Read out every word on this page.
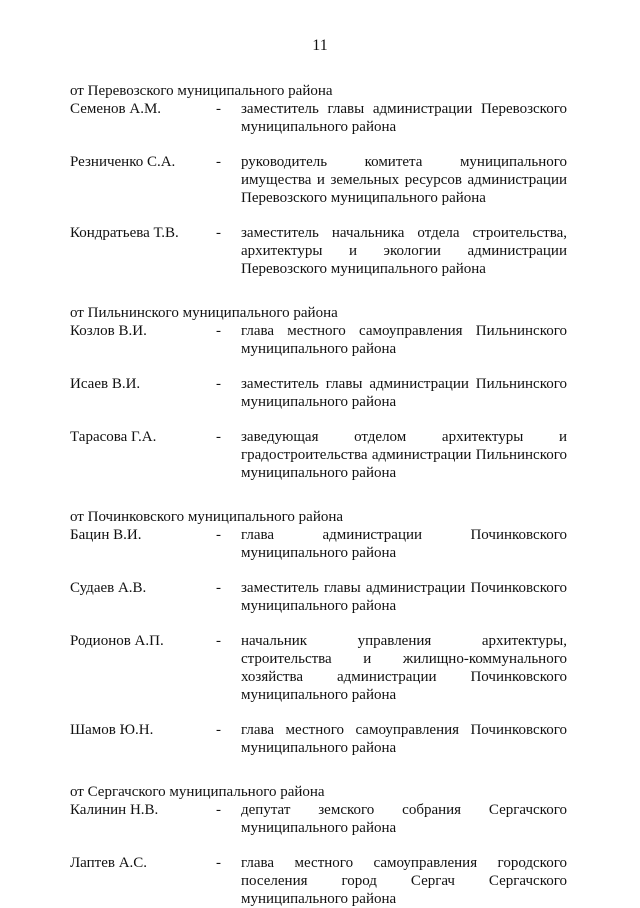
11
от Перевозского муниципального района
Семенов А.М.	-	заместитель главы администрации Перевозского муниципального района
Резниченко С.А.	-	руководитель комитета муниципального имущества и земельных ресурсов администрации Перевозского муниципального района
Кондратьева Т.В.	-	заместитель начальника отдела строительства, архитектуры и экологии администрации Перевозского муниципального района
от Пильнинского муниципального района
Козлов В.И.	-	глава местного самоуправления Пильнинского муниципального района
Исаев В.И.	-	заместитель главы администрации Пильнинского муниципального района
Тарасова Г.А.	-	заведующая отделом архитектуры и градостроительства администрации Пильнинского муниципального района
от Починковского муниципального района
Бацин В.И.	-	глава администрации Починковского муниципального района
Судаев А.В.	-	заместитель главы администрации Починковского муниципального района
Родионов А.П.	-	начальник управления архитектуры, строительства и жилищно-коммунального хозяйства администрации Починковского муниципального района
Шамов Ю.Н.	-	глава местного самоуправления Починковского муниципального района
от Сергачского муниципального района
Калинин Н.В.	-	депутат земского собрания Сергачского муниципального района
Лаптев А.С.	-	глава местного самоуправления городского поселения город Сергач Сергачского муниципального района
